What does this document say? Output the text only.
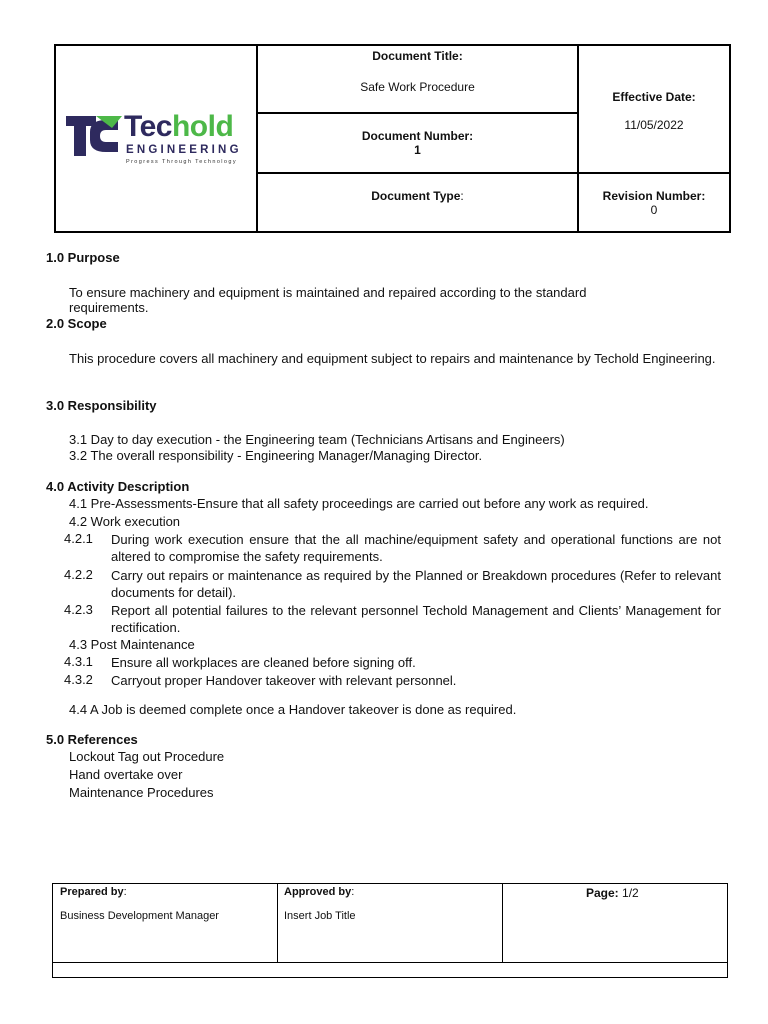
Techold
ENGINEERING
Progress Through Technology
Document Title:
Safe Work Procedure
Document Number:
1
Document Type:
Effective Date:
11/05/2022
Revision Number:
0
1.0 Purpose
To ensure machinery and equipment is maintained and repaired according to the standard requirements.
2.0 Scope
This procedure covers all machinery and equipment subject to repairs and maintenance by Techold Engineering.
3.0 Responsibility
3.1 Day to day execution - the Engineering team (Technicians Artisans and Engineers)
3.2 The overall responsibility - Engineering Manager/Managing Director.
4.0 Activity Description
4.1 Pre-Assessments-Ensure that all safety proceedings are carried out before any work as required.
4.2 Work execution
4.2.1 During work execution ensure that the all machine/equipment safety and operational functions are not altered to compromise the safety requirements.
4.2.2 Carry out repairs or maintenance as required by the Planned or Breakdown procedures (Refer to relevant documents for detail).
4.2.3 Report all potential failures to the relevant personnel Techold Management and Clients’ Management for rectification.
4.3 Post Maintenance
4.3.1 Ensure all workplaces are cleaned before signing off.
4.3.2 Carryout proper Handover takeover with relevant personnel.
4.4 A Job is deemed complete once a Handover takeover is done as required.
5.0 References
Lockout Tag out Procedure
Hand overtake over
Maintenance Procedures
Prepared by:
Business Development Manager
Approved by:
Insert Job Title
Page: 1/2
